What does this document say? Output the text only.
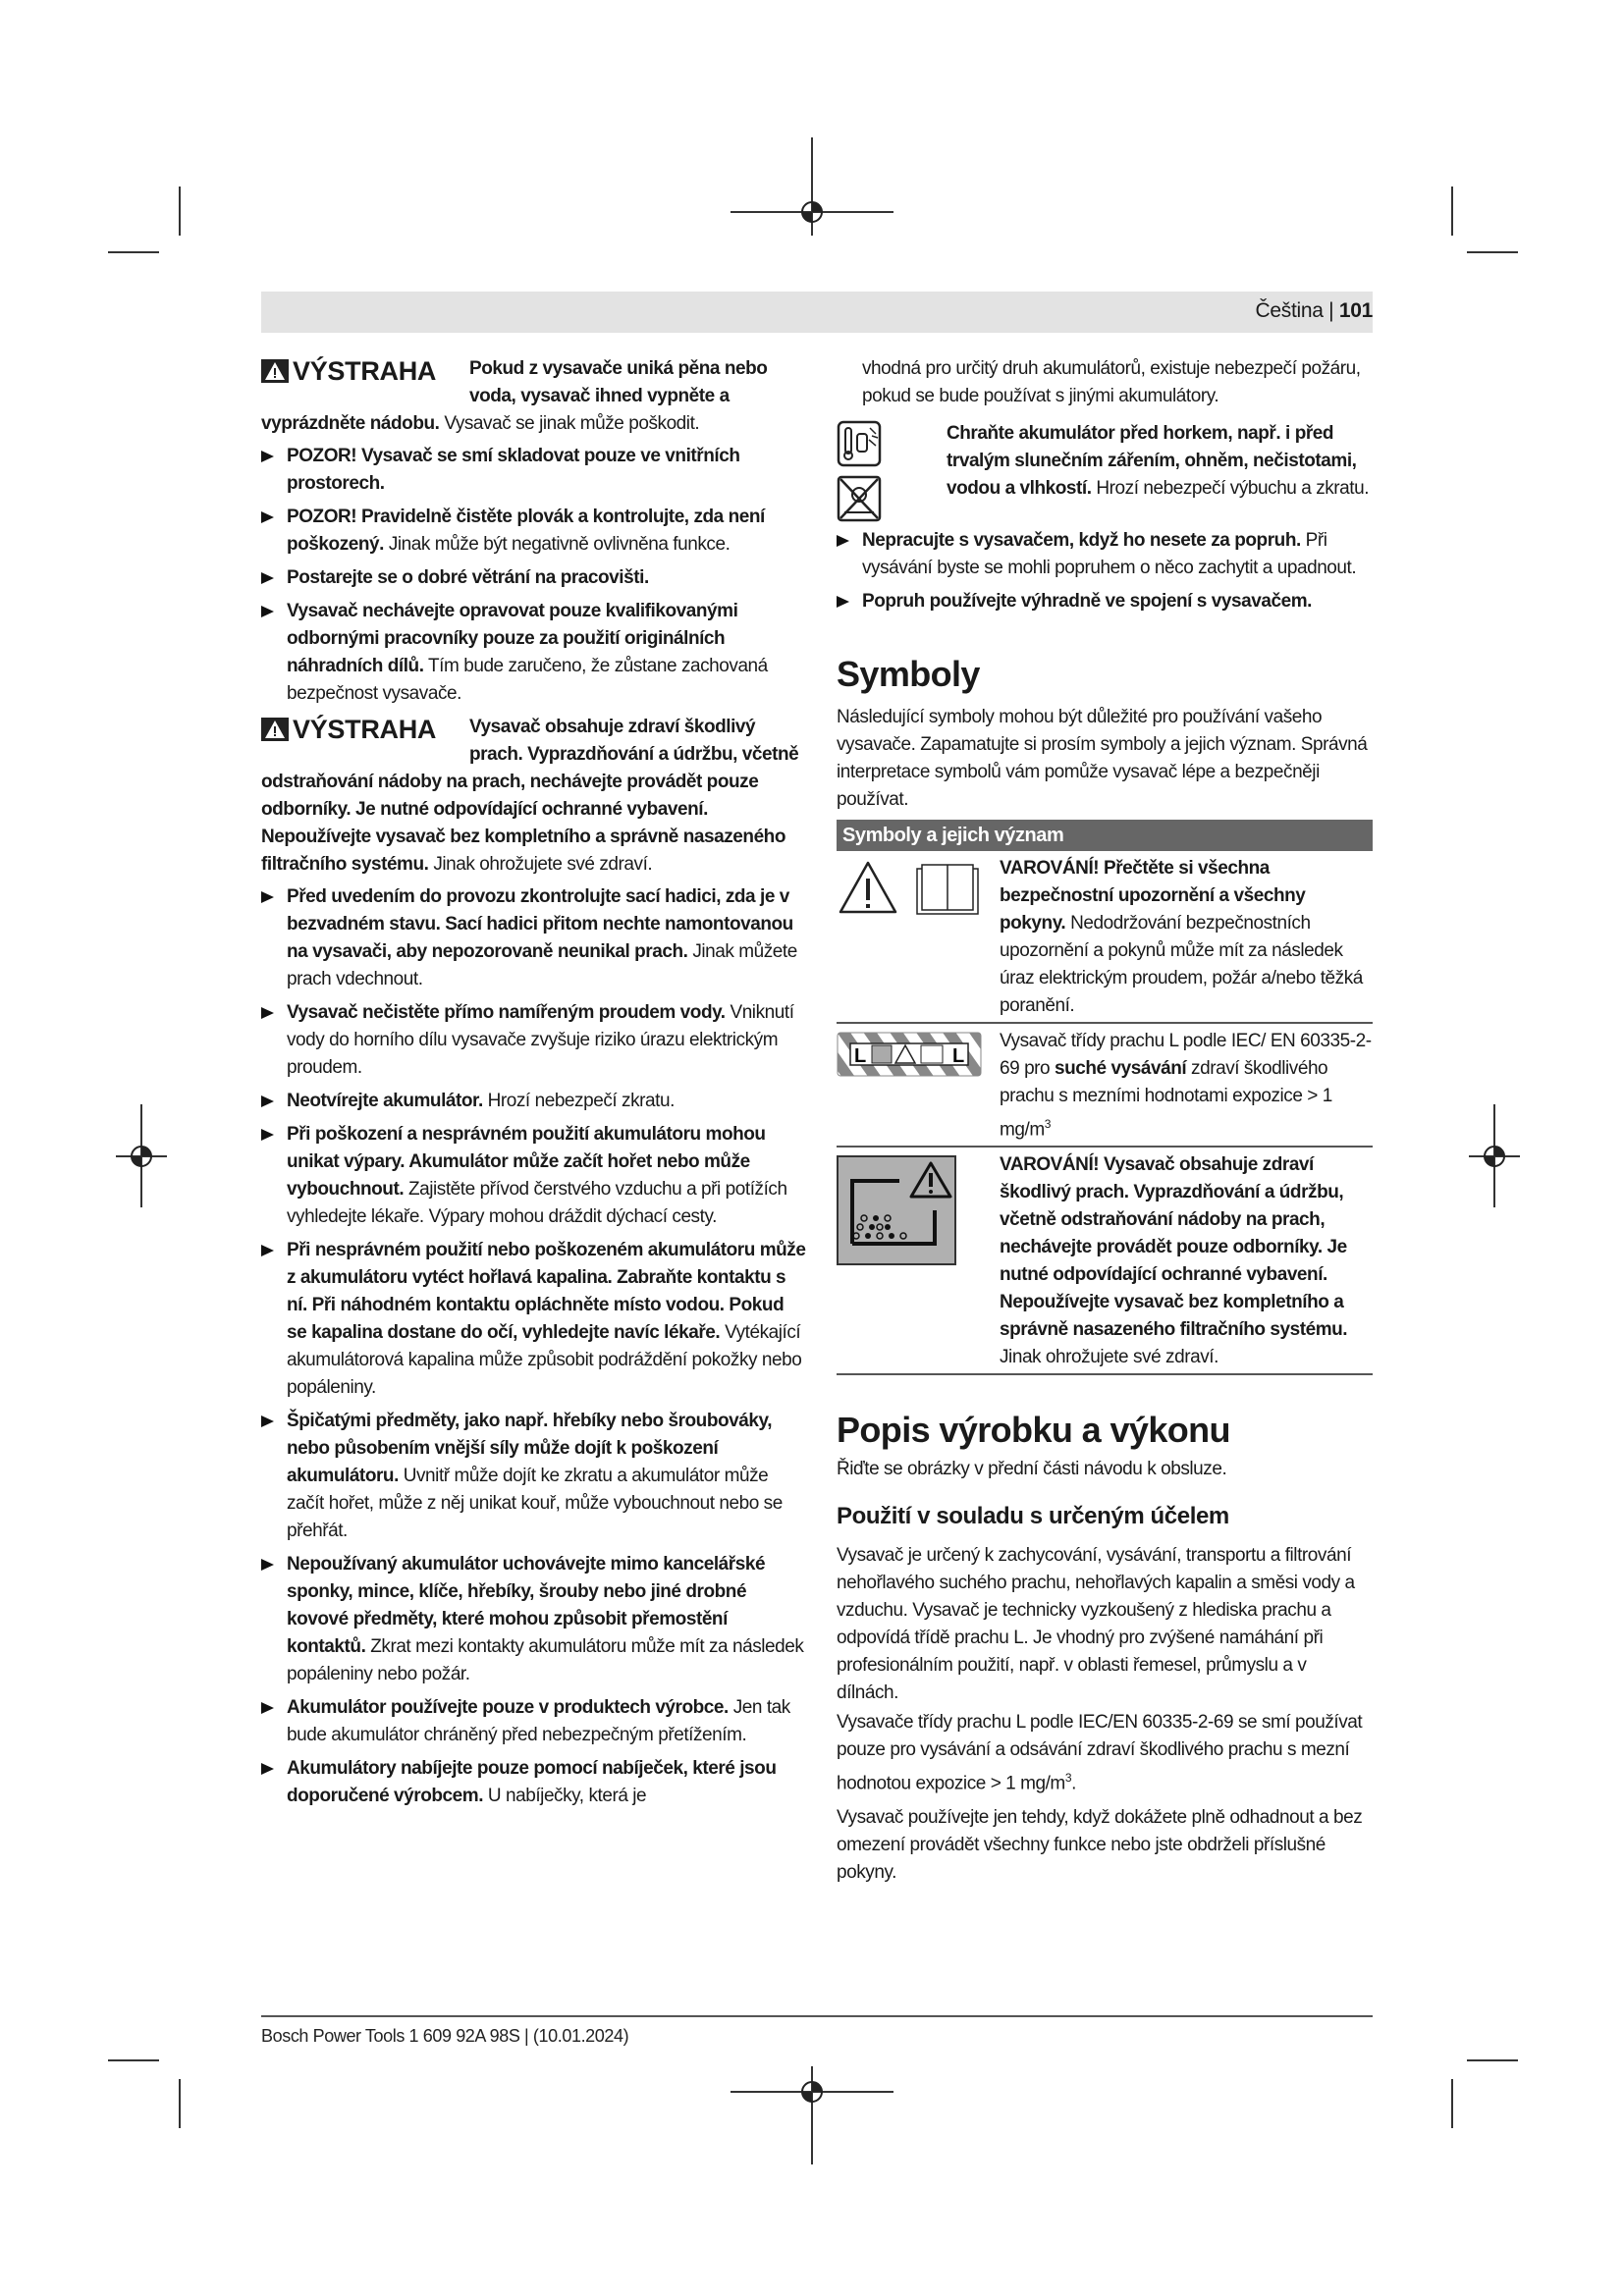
Čeština | 101
VÝSTRAHA Pokud z vysavače uniká pěna nebo voda, vysavač ihned vypněte a vyprázdněte nádobu. Vysavač se jinak může poškodit.
POZOR! Vysavač se smí skladovat pouze ve vnitřních prostorech.
POZOR! Pravidelně čistěte plovák a kontrolujte, zda není poškozený. Jinak může být negativně ovlivněna funkce.
Postarejte se o dobré větrání na pracovišti.
Vysavač nechávejte opravovat pouze kvalifikovanými odbornými pracovníky pouze za použití originálních náhradních dílů. Tím bude zaručeno, že zůstane zachovaná bezpečnost vysavače.
VÝSTRAHA Vysavač obsahuje zdraví škodlivý prach. Vyprazdňování a údržbu, včetně odstraňování nádoby na prach, nechávejte provádět pouze odborníky. Je nutné odpovídající ochranné vybavení. Nepoužívejte vysavač bez kompletního a správně nasazeného filtračního systému. Jinak ohrožujete své zdraví.
Před uvedením do provozu zkontrolujte sací hadici, zda je v bezvadném stavu. Sací hadici přitom nechte namontovanou na vysavači, aby nepozorovaně neunikal prach. Jinak můžete prach vdechnout.
Vysavač nečistěte přímo namířeným proudem vody. Vniknutí vody do horního dílu vysavače zvyšuje riziko úrazu elektrickým proudem.
Neotvírejte akumulátor. Hrozí nebezpečí zkratu.
Při poškození a nesprávném použití akumulátoru mohou unikat výpary. Akumulátor může začít hořet nebo může vybouchnout. Zajistěte přívod čerstvého vzduchu a při potížích vyhledejte lékaře. Výpary mohou dráždit dýchací cesty.
Při nesprávném použití nebo poškozeném akumulátoru může z akumulátoru vytéct hořlavá kapalina. Zabraňte kontaktu s ní. Při náhodném kontaktu opláchněte místo vodou. Pokud se kapalina dostane do očí, vyhledejte navíc lékaře. Vytékající akumulátorová kapalina může způsobit podráždění pokožky nebo popáleniny.
Špičatými předměty, jako např. hřebíky nebo šroubováky, nebo působením vnější síly může dojít k poškození akumulátoru. Uvnitř může dojít ke zkratu a akumulátor může začít hořet, může z něj unikat kouř, může vybouchnout nebo se přehřát.
Nepoužívaný akumulátor uchovávejte mimo kancelářské sponky, mince, klíče, hřebíky, šrouby nebo jiné drobné kovové předměty, které mohou způsobit přemostění kontaktů. Zkrat mezi kontakty akumulátoru může mít za následek popáleniny nebo požár.
Akumulátor používejte pouze v produktech výrobce. Jen tak bude akumulátor chráněný před nebezpečným přetížením.
Akumulátory nabíjejte pouze pomocí nabíječek, které jsou doporučené výrobcem. U nabíječky, která je

vhodná pro určitý druh akumulátorů, existuje nebezpečí požáru, pokud se bude používat s jinými akumulátory.

Chraňte akumulátor před horkem, např. i před trvalým slunečním zářením, ohněm, nečistotami, vodou a vlhkostí. Hrozí nebezpečí výbuchu a zkratu.
Nepracujte s vysavačem, když ho nesete za popruh. Při vysávání byste se mohli popruhem o něco zachytit a upadnout.
Popruh používejte výhradně ve spojení s vysavačem.
Symboly

Následující symboly mohou být důležité pro používání vašeho vysavače. Zapamatujte si prosím symboly a jejich význam. Správná interpretace symbolů vám pomůže vysavač lépe a bezpečněji používat.

Symboly a jejich význam
VAROVÁNÍ! Přečtěte si všechna bezpečnostní upozornění a všechny pokyny. Nedodržování bezpečnostních upozornění a pokynů může mít za následek úraz elektrickým proudem, požár a/nebo těžká poranění.
L	L
Vysavač třídy prachu L podle IEC/ EN 60335-2-69 pro suché vysávání zdraví škodlivého prachu s mezními hodnotami expozice > 1 $mg/m^3$
VAROVÁNÍ! Vysavač obsahuje zdraví škodlivý prach. Vyprazdňování a údržbu, včetně odstraňování nádoby na prach, nechávejte provádět pouze odborníky. Je nutné odpovídající ochranné vybavení. Nepoužívejte vysavač bez kompletního a správně nasazeného filtračního systému. Jinak ohrožujete své zdraví.
Popis výrobku a výkonu

Řiďte se obrázky v přední části návodu k obsluze.

Použití v souladu s určeným účelem

Vysavač je určený k zachycování, vysávání, transportu a filtrování nehořlavého suchého prachu, nehořlavých kapalin a směsi vody a vzduchu. Vysavač je technicky vyzkoušený z hlediska prachu a odpovídá třídě prachu L. Je vhodný pro zvýšené namáhání při profesionálním použití, např. v oblasti řemesel, průmyslu a v dílnách.

Vysavače třídy prachu L podle IEC/EN 60335-2-69 se smí používat pouze pro vysávání a odsávání zdraví škodlivého prachu s mezní hodnotou expozice > 1 $mg/m^3$.

Vysavač používejte jen tehdy, když dokážete plně odhadnout a bez omezení provádět všechny funkce nebo jste obdrželi příslušné pokyny.

Bosch Power Tools 1 609 92A 98S | (10.01.2024)
